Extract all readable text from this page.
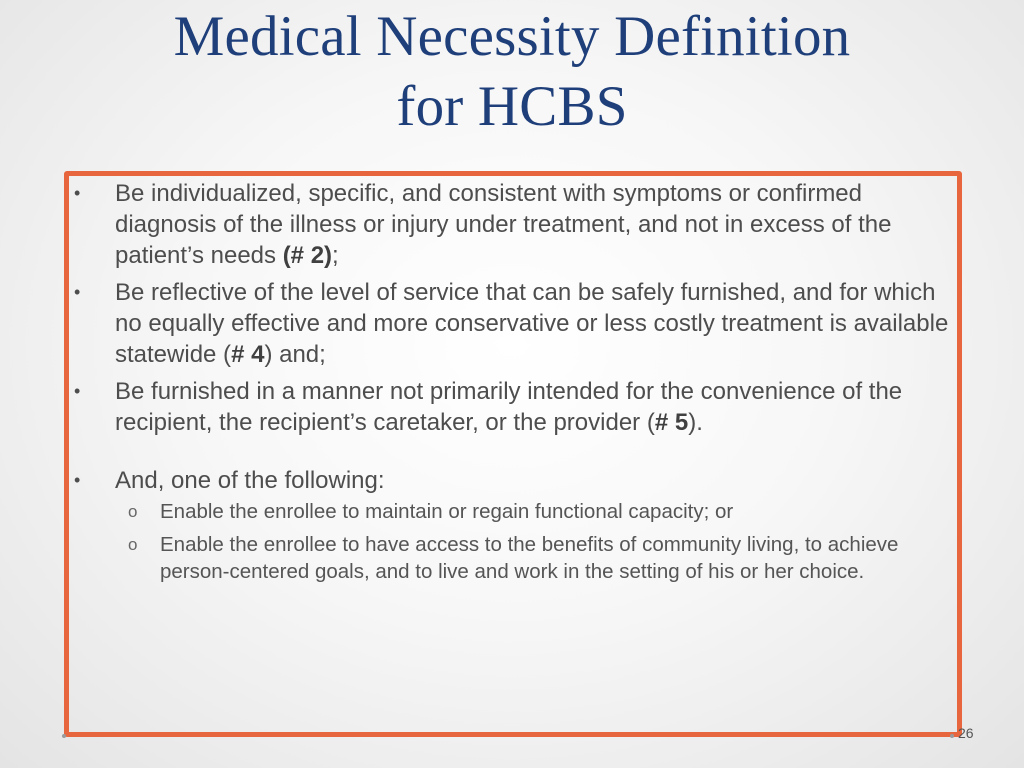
Medical Necessity Definition
for HCBS
• Be individualized, specific, and consistent with symptoms or confirmed diagnosis of the illness or injury under treatment, and not in excess of the patient’s needs (# 2);
• Be reflective of the level of service that can be safely furnished, and for which no equally effective and more conservative or less costly treatment is available statewide (# 4) and;
• Be furnished in a manner not primarily intended for the convenience of the recipient, the recipient’s caretaker, or the provider (# 5).
• And, one of the following:
o Enable the enrollee to maintain or regain functional capacity; or
o Enable the enrollee to have access to the benefits of community living, to achieve person-centered goals, and to live and work in the setting of his or her choice.
26
